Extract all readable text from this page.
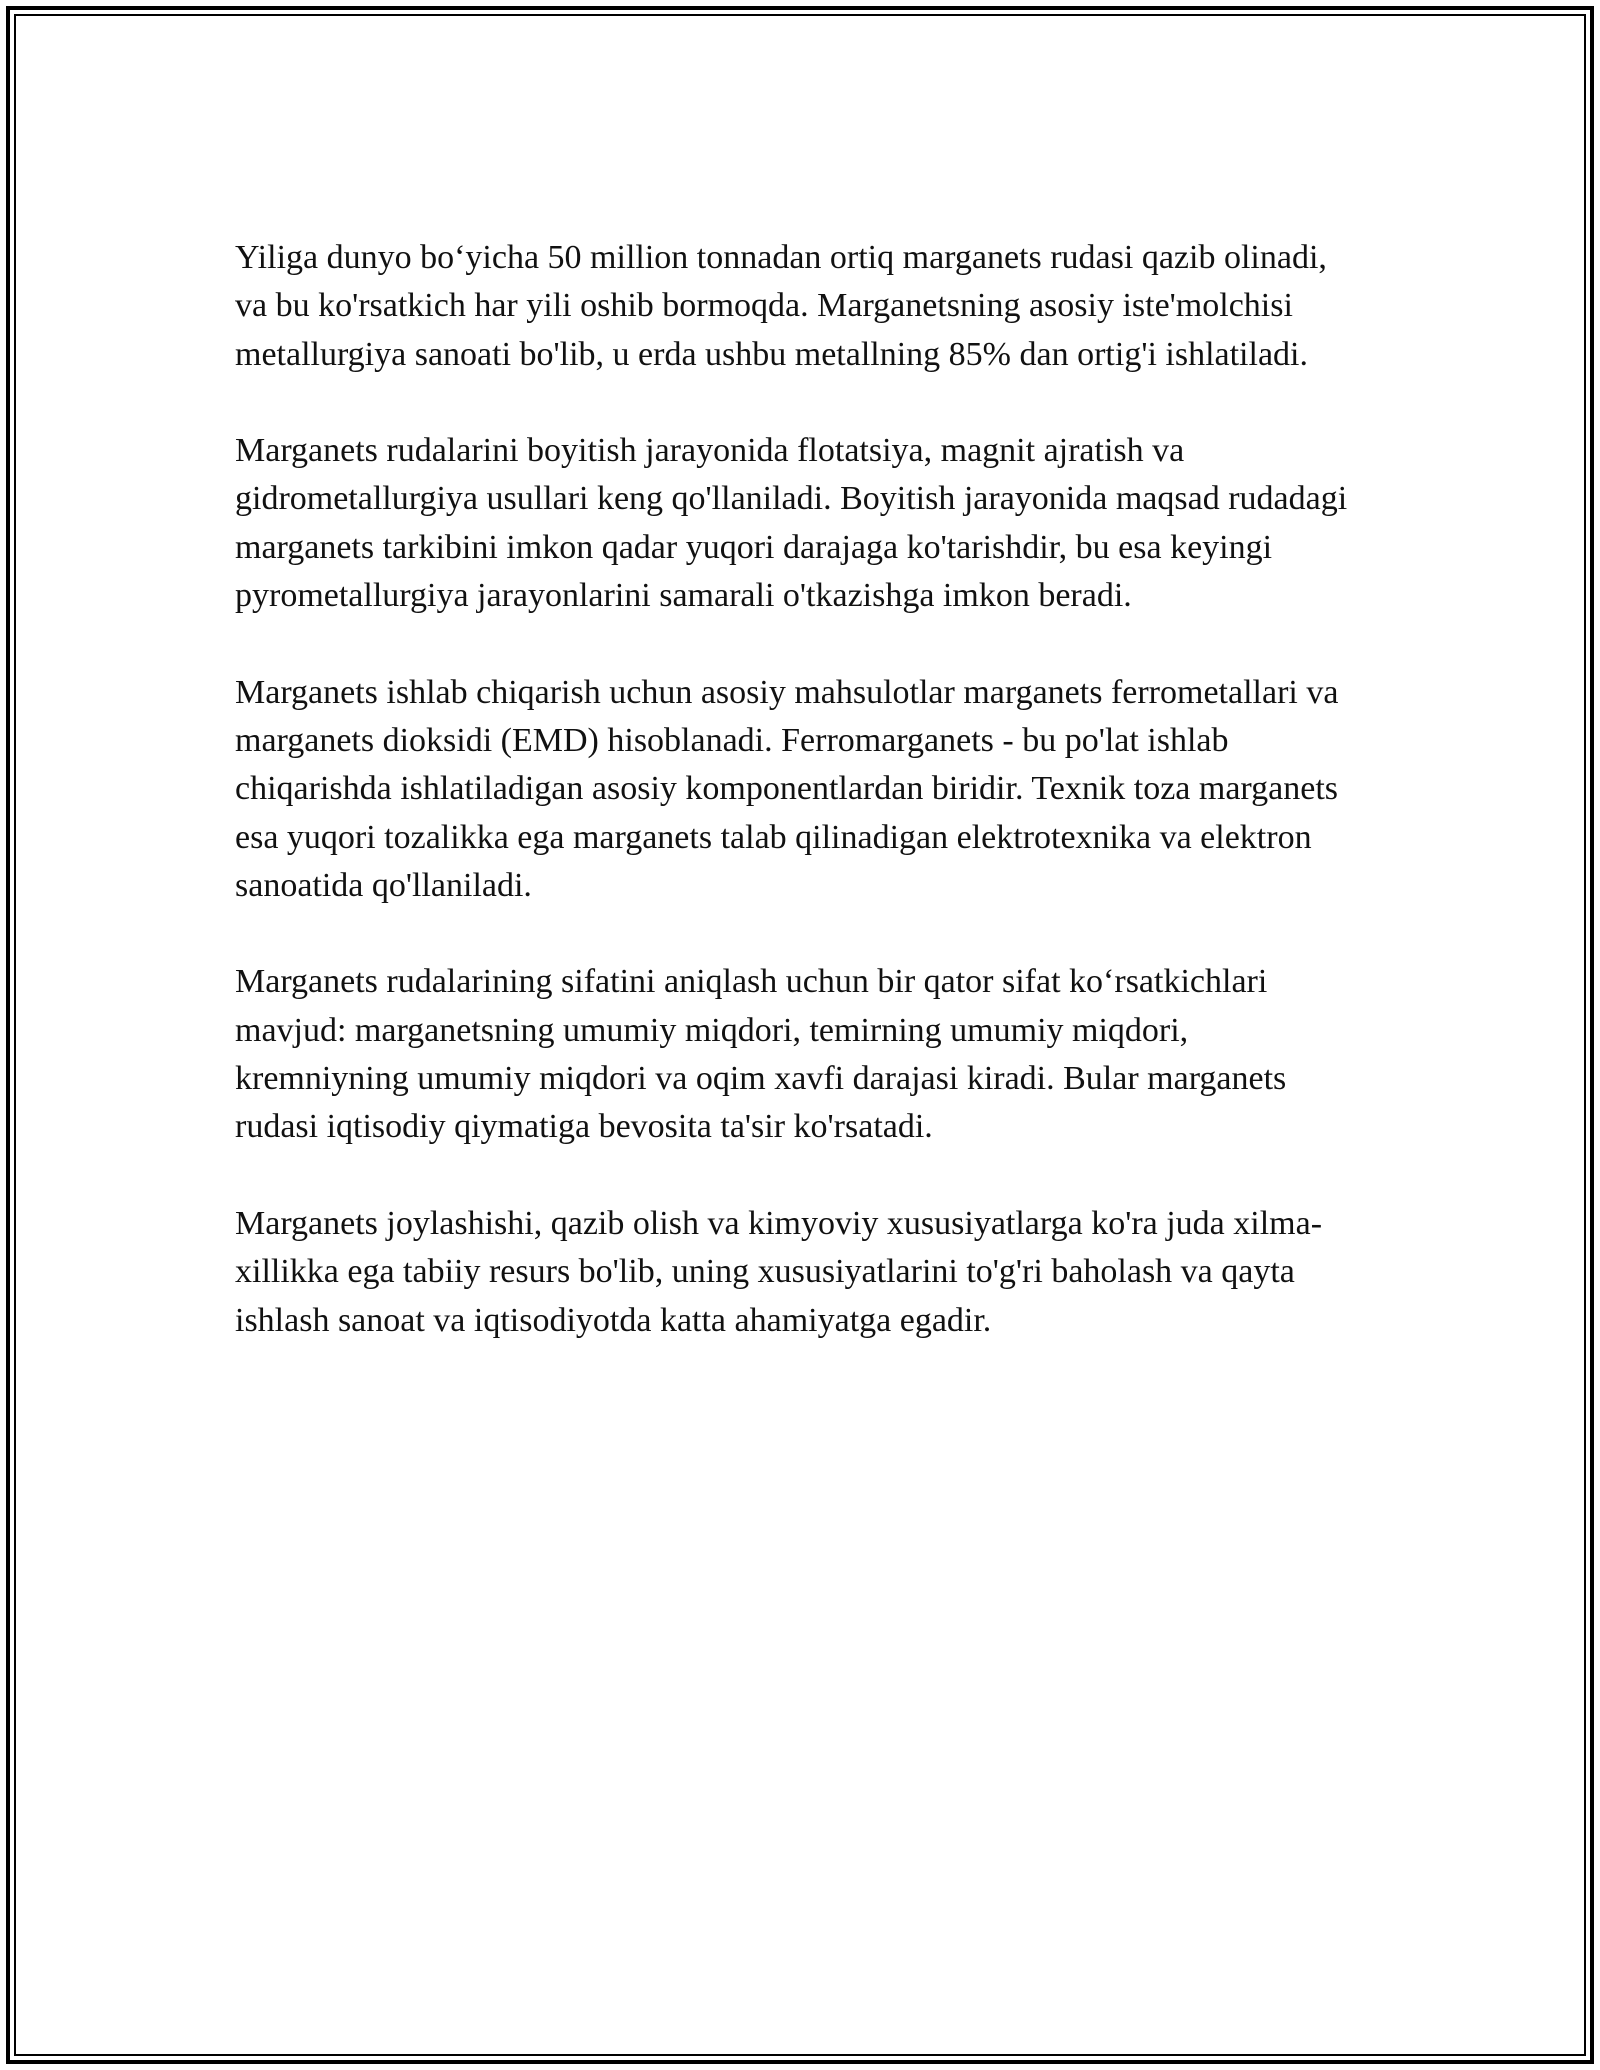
Yiliga dunyo bo‘yicha 50 million tonnadan ortiq marganets rudasi qazib olinadi, va bu ko'rsatkich har yili oshib bormoqda. Marganetsning asosiy iste'molchisi metallurgiya sanoati bo'lib, u erda ushbu metallning 85% dan ortig'i ishlatiladi.

Marganets rudalarini boyitish jarayonida flotatsiya, magnit ajratish va gidrometallurgiya usullari keng qo'llaniladi. Boyitish jarayonida maqsad rudadagi marganets tarkibini imkon qadar yuqori darajaga ko'tarishdir, bu esa keyingi pyrometallurgiya jarayonlarini samarali o'tkazishga imkon beradi.

Marganets ishlab chiqarish uchun asosiy mahsulotlar marganets ferrometallari va marganets dioksidi (EMD) hisoblanadi. Ferromarganets - bu po'lat ishlab chiqarishda ishlatiladigan asosiy komponentlardan biridir. Texnik toza marganets esa yuqori tozalikka ega marganets talab qilinadigan elektrotexnika va elektron sanoatida qo'llaniladi.

Marganets rudalarining sifatini aniqlash uchun bir qator sifat ko‘rsatkichlari mavjud: marganetsning umumiy miqdori, temirning umumiy miqdori, kremniyning umumiy miqdori va oqim xavfi darajasi kiradi. Bular marganets rudasi iqtisodiy qiymatiga bevosita ta'sir ko'rsatadi.

Marganets joylashishi, qazib olish va kimyoviy xususiyatlarga ko'ra juda xilma-xillikka ega tabiiy resurs bo'lib, uning xususiyatlarini to'g'ri baholash va qayta ishlash sanoat va iqtisodiyotda katta ahamiyatga egadir.
